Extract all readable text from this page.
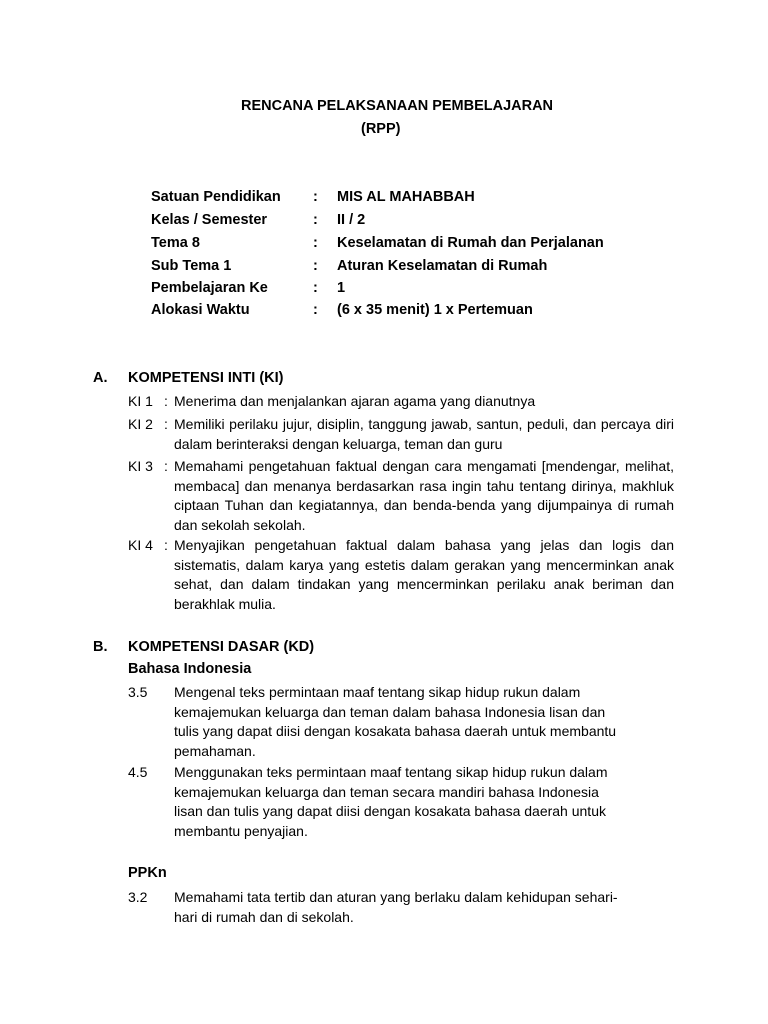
RENCANA PELAKSANAAN PEMBELAJARAN
(RPP)
Satuan Pendidikan : MIS AL MAHABBAH
Kelas / Semester	: II / 2
Tema 8	: Keselamatan di Rumah dan Perjalanan
Sub Tema 1	: Aturan Keselamatan di Rumah
Pembelajaran Ke	: 1
Alokasi Waktu	: (6 x 35 menit) 1 x Pertemuan
A. KOMPETENSI INTI (KI)
KI 1 : Menerima dan menjalankan ajaran agama yang dianutnya
KI 2 : Memiliki perilaku jujur, disiplin, tanggung jawab, santun, peduli, dan percaya diri dalam berinteraksi dengan keluarga, teman dan guru
KI 3 : Memahami pengetahuan faktual dengan cara mengamati [mendengar, melihat, membaca] dan menanya berdasarkan rasa ingin tahu tentang dirinya, makhluk ciptaan Tuhan dan kegiatannya, dan benda-benda yang dijumpainya di rumah dan sekolah sekolah.
KI 4 : Menyajikan pengetahuan faktual dalam bahasa yang jelas dan logis dan sistematis, dalam karya yang estetis dalam gerakan yang mencerminkan anak sehat, dan dalam tindakan yang mencerminkan perilaku anak beriman dan berakhlak mulia.
B. KOMPETENSI DASAR (KD)
Bahasa Indonesia
3.5 Mengenal teks permintaan maaf tentang sikap hidup rukun dalam
kemajemukan keluarga dan teman dalam bahasa Indonesia lisan dan
tulis yang dapat diisi dengan kosakata bahasa daerah untuk membantu
pemahaman.
4.5 Menggunakan teks permintaan maaf tentang sikap hidup rukun dalam
kemajemukan keluarga dan teman secara mandiri bahasa Indonesia
lisan dan tulis yang dapat diisi dengan kosakata bahasa daerah untuk
membantu penyajian.
PPKn
3.2 Memahami tata tertib dan aturan yang berlaku dalam kehidupan sehari-
hari di rumah dan di sekolah.
